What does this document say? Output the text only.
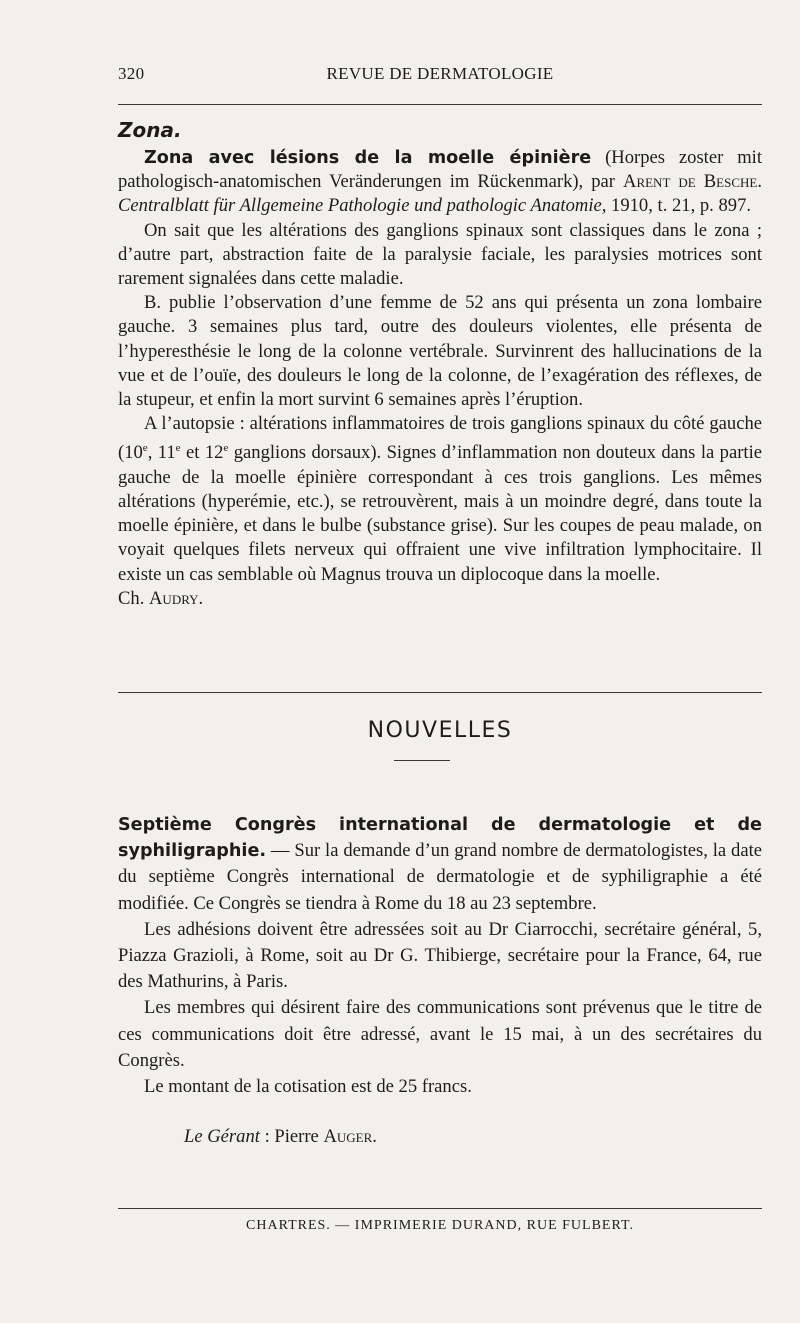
320	REVUE DE DERMATOLOGIE
Zona.

Zona avec lésions de la moelle épinière (Horpes zoster mit pathologisch-anatomischen Veränderungen im Rückenmark), par Arent de Besche. Centralblatt für Allgemeine Pathologie und pathologic Anatomie, 1910, t. 21, p. 897.

On sait que les altérations des ganglions spinaux sont classiques dans le zona ; d’autre part, abstraction faite de la paralysie faciale, les paralysies motrices sont rarement signalées dans cette maladie.

B. publie l’observation d’une femme de 52 ans qui présenta un zona lombaire gauche. 3 semaines plus tard, outre des douleurs violentes, elle présenta de l’hyperesthésie le long de la colonne vertébrale. Survinrent des hallucinations de la vue et de l’ouïe, des douleurs le long de la colonne, de l’exagération des réflexes, de la stupeur, et enfin la mort survint 6 semaines après l’éruption.

A l’autopsie : altérations inflammatoires de trois ganglions spinaux du côté gauche (10e, 11e et 12e ganglions dorsaux). Signes d’inflammation non douteux dans la partie gauche de la moelle épinière correspondant à ces trois ganglions. Les mêmes altérations (hyperémie, etc.), se retrouvèrent, mais à un moindre degré, dans toute la moelle épinière, et dans le bulbe (substance grise). Sur les coupes de peau malade, on voyait quelques filets nerveux qui offraient une vive infiltration lymphocitaire. Il existe un cas semblable où Magnus trouva un diplocoque dans la moelle.

Ch. Audry.

NOUVELLES

Septième Congrès international de dermatologie et de syphiligraphie. — Sur la demande d’un grand nombre de dermatologistes, la date du septième Congrès international de dermatologie et de syphiligraphie a été modifiée. Ce Congrès se tiendra à Rome du 18 au 23 septembre.

Les adhésions doivent être adressées soit au Dr Ciarrocchi, secrétaire général, 5, Piazza Grazioli, à Rome, soit au Dr G. Thibierge, secrétaire pour la France, 64, rue des Mathurins, à Paris.

Les membres qui désirent faire des communications sont prévenus que le titre de ces communications doit être adressé, avant le 15 mai, à un des secrétaires du Congrès.

Le montant de la cotisation est de 25 francs.

Le Gérant : Pierre Auger.

CHARTRES. — IMPRIMERIE DURAND, RUE FULBERT.
